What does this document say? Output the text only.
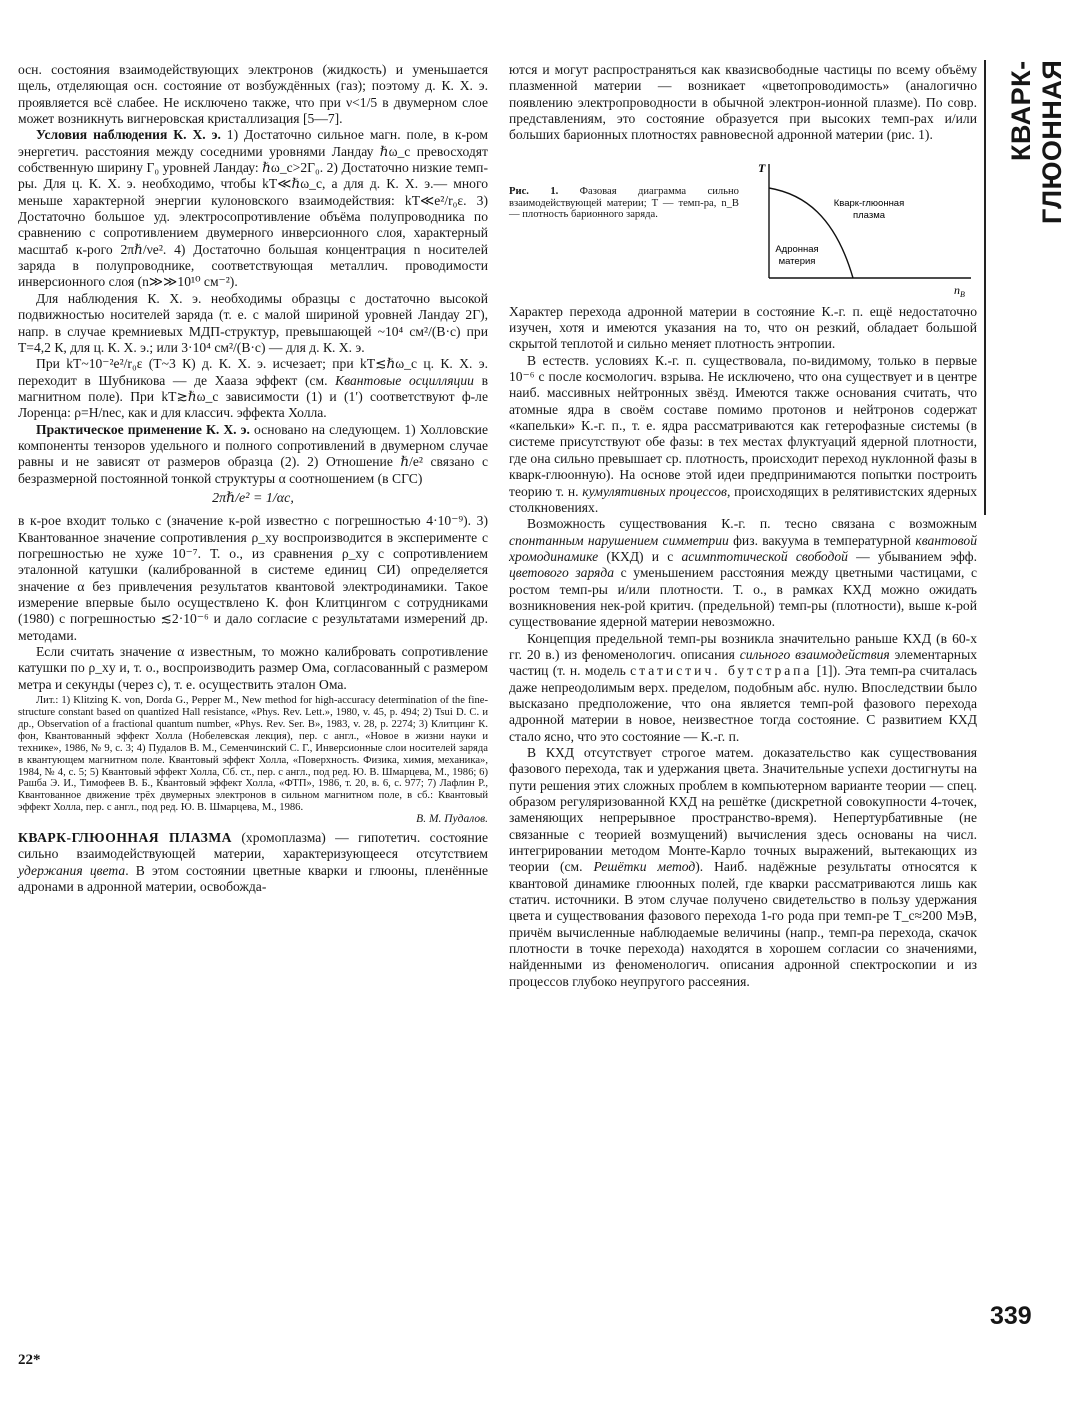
КВАРК-ГЛЮОННАЯ

осн. состояния взаимодействующих электронов (жидкость) и уменьшается щель, отделяющая осн. состояние от возбуждённых (газ); поэтому д. К. Х. э. проявляется всё слабее. Не исключено также, что при ν<1/5 в двумерном слое может возникнуть вигнеровская кристаллизация [5—7].

Условия наблюдения К. Х. э. 1) Достаточно сильное магн. поле, в к-ром энергетич. расстояния между соседними уровнями Ландау ℏω_c превосходят собственную ширину Γ₀ уровней Ландау: ℏω_c>2Γ₀. 2) Достаточно низкие темп-ры. Для ц. К. Х. э. необходимо, чтобы kT≪ℏω_c, а для д. К. Х. э.— много меньше характерной энергии кулоновского взаимодействия: kT≪e²/r₀ε. 3) Достаточно большое уд. электросопротивление объёма полупроводника по сравнению с сопротивлением двумерного инверсионного слоя, характерный масштаб к-рого 2πℏ/νe². 4) Достаточно большая концентрация n носителей заряда в полупроводнике, соответствующая металлич. проводимости инверсионного слоя (n≫≫10¹⁰ см⁻²).

Для наблюдения К. Х. э. необходимы образцы с достаточно высокой подвижностью носителей заряда (т. е. с малой шириной уровней Ландау 2Γ), напр. в случае кремниевых МДП-структур, превышающей ~10⁴ см²/(В·с) при T=4,2 К, для ц. К. Х. э.; или 3·10⁴ см²/(В·с) — для д. К. Х. э.

При kT~10⁻²e²/r₀ε (T~3 К) д. К. Х. э. исчезает; при kT≲ℏω_c ц. К. Х. э. переходит в Шубникова — де Хааза эффект (см. Квантовые осцилляции в магнитном поле). При kT≳ℏω_c зависимости (1) и (1′) соответствуют ф-ле Лоренца: ρ=H/nec, как и для классич. эффекта Холла.

Практическое применение К. Х. э. основано на следующем. 1) Холловские компоненты тензоров удельного и полного сопротивлений в двумерном случае равны и не зависят от размеров образца (2). 2) Отношение ℏ/e² связано с безразмерной постоянной тонкой структуры α соотношением (в СГС)

2πℏ/e² = 1/αc,

в к-рое входит только c (значение к-рой известно с погрешностью 4·10⁻⁹). 3) Квантованное значение сопротивления ρ_xy воспроизводится в эксперименте с погрешностью не хуже 10⁻⁷. Т. о., из сравнения ρ_xy с сопротивлением эталонной катушки (калиброванной в системе единиц СИ) определяется значение α без привлечения результатов квантовой электродинамики. Такое измерение впервые было осуществлено К. фон Клитцингом с сотрудниками (1980) с погрешностью ≲2·10⁻⁶ и дало согласие с результатами измерений др. методами.

Если считать значение α известным, то можно калибровать сопротивление катушки по ρ_xy и, т. о., воспроизводить размер Ома, согласованный с размером метра и секунды (через c), т. е. осуществить эталон Ома.

Лит.: 1) Klitzing K. von, Dorda G., Pepper M., New method for high-accuracy determination of the fine-structure constant based on quantized Hall resistance, «Phys. Rev. Lett.», 1980, v. 45, p. 494; 2) Tsui D. C. и др., Observation of a fractional quantum number, «Phys. Rev. Ser. B», 1983, v. 28, p. 2274; 3) Клитцинг К. фон, Квантованный эффект Холла (Нобелевская лекция), пер. с англ., «Новое в жизни науки и технике», 1986, № 9, с. 3; 4) Пудалов В. М., Семенчинский С. Г., Инверсионные слои носителей заряда в квантующем магнитном поле. Квантовый эффект Холла, «Поверхность. Физика, химия, механика», 1984, № 4, с. 5; 5) Квантовый эффект Холла, Сб. ст., пер. с англ., под ред. Ю. В. Шмарцева, М., 1986; 6) Рашба Э. И., Тимофеев В. Б., Квантовый эффект Холла, «ФТП», 1986, т. 20, в. 6, с. 977; 7) Лафлин Р., Квантованное движение трёх двумерных электронов в сильном магнитном поле, в сб.: Квантовый эффект Холла, пер. с англ., под ред. Ю. В. Шмарцева, М., 1986.

В. М. Пудалов.

КВАРК-ГЛЮОННАЯ ПЛАЗМА (хромоплазма) — гипотетич. состояние сильно взаимодействующей материи, характеризующееся отсутствием удержания цвета. В этом состоянии цветные кварки и глюоны, пленённые адронами в адронной материи, освобожда-

ются и могут распространяться как квазисвободные частицы по всему объёму плазменной материи — возникает «цветопроводимость» (аналогично появлению электропроводности в обычной электрон-ионной плазме). По совр. представлениям, это состояние образуется при высоких темп-рах и/или больших барионных плотностях равновесной адронной материи (рис. 1).

Рис. 1. Фазовая диаграмма сильно взаимодействующей материи; T — темп-ра, n_B — плотность барионного заряда.
T
$n_B$
Кварк-глюонная
плазма
Адронная
материя

Характер перехода адронной материи в состояние К.-г. п. ещё недостаточно изучен, хотя и имеются указания на то, что он резкий, обладает большой скрытой теплотой и сильно меняет плотность энтропии.

В естеств. условиях К.-г. п. существовала, по-видимому, только в первые 10⁻⁶ с после космологич. взрыва. Не исключено, что она существует и в центре наиб. массивных нейтронных звёзд. Имеются также основания считать, что атомные ядра в своём составе помимо протонов и нейтронов содержат «капельки» К.-г. п., т. е. ядра рассматриваются как гетерофазные системы (в системе присутствуют обе фазы: в тех местах флуктуаций ядерной плотности, где она сильно превышает ср. плотность, происходит переход нуклонной фазы в кварк-глюонную). На основе этой идеи предпринимаются попытки построить теорию т. н. кумулятивных процессов, происходящих в релятивистских ядерных столкновениях.

Возможность существования К.-г. п. тесно связана с возможным спонтанным нарушением симметрии физ. вакуума в температурной квантовой хромодинамике (КХД) и с асимптотической свободой — убыванием эфф. цветового заряда с уменьшением расстояния между цветными частицами, с ростом темп-ры и/или плотности. Т. о., в рамках КХД можно ожидать возникновения нек-рой критич. (предельной) темп-ры (плотности), выше к-рой существование ядерной материи невозможно.

Концепция предельной темп-ры возникла значительно раньше КХД (в 60-х гг. 20 в.) из феноменологич. описания сильного взаимодействия элементарных частиц (т. н. модель статистич. бутстрапа [1]). Эта темп-ра считалась даже непреодолимым верх. пределом, подобным абс. нулю. Впоследствии было высказано предположение, что она является темп-рой фазового перехода адронной материи в новое, неизвестное тогда состояние. С развитием КХД стало ясно, что это состояние — К.-г. п.

В КХД отсутствует строгое матем. доказательство как существования фазового перехода, так и удержания цвета. Значительные успехи достигнуты на пути решения этих сложных проблем в компьютерном варианте теории — спец. образом регуляризованной КХД на решётке (дискретной совокупности 4-точек, заменяющих непрерывное пространство-время). Непертурбативные (не связанные с теорией возмущений) вычисления здесь основаны на числ. интегрировании методом Монте-Карло точных выражений, вытекающих из теории (см. Решётки метод). Наиб. надёжные результаты относятся к квантовой динамике глюонных полей, где кварки рассматриваются лишь как статич. источники. В этом случае получено свидетельство в пользу удержания цвета и существования фазового перехода 1-го рода при темп-ре T_c≈200 МэВ, причём вычисленные наблюдаемые величины (напр., темп-ра перехода, скачок плотности в точке перехода) находятся в хорошем согласии со значениями, найденными из феноменологич. описания адронной спектроскопии и из процессов глубоко неупругого рассеяния.

339
22*
